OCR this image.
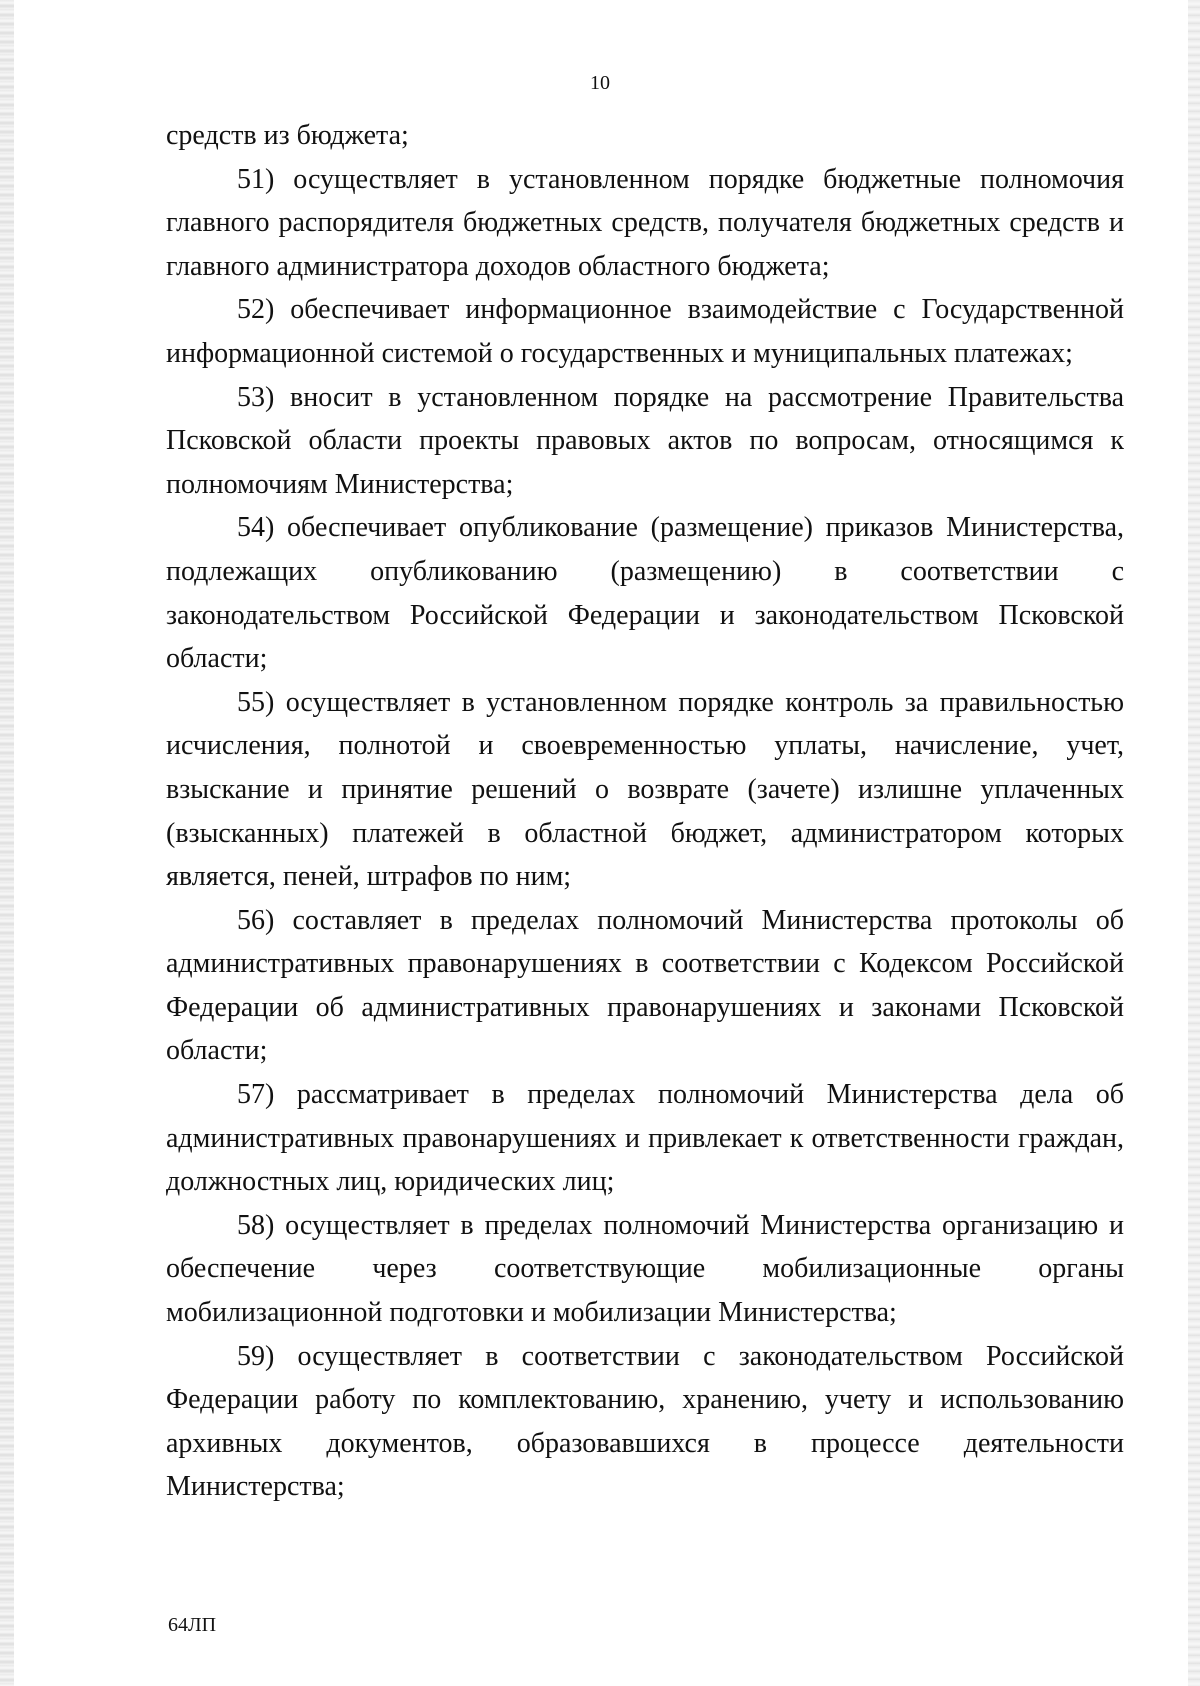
10

средств из бюджета;

51) осуществляет в установленном порядке бюджетные полномочия главного распорядителя бюджетных средств, получателя бюджетных средств и главного администратора доходов областного бюджета;

52) обеспечивает информационное взаимодействие с Государственной информационной системой о государственных и муниципальных платежах;

53) вносит в установленном порядке на рассмотрение Правительства Псковской области проекты правовых актов по вопросам, относящимся к полномочиям Министерства;

54) обеспечивает опубликование (размещение) приказов Министерства, подлежащих опубликованию (размещению) в соответствии с законодательством Российской Федерации и законодательством Псковской области;

55) осуществляет в установленном порядке контроль за правильностью исчисления, полнотой и своевременностью уплаты, начисление, учет, взыскание и принятие решений о возврате (зачете) излишне уплаченных (взысканных) платежей в областной бюджет, администратором которых является, пеней, штрафов по ним;

56) составляет в пределах полномочий Министерства протоколы об административных правонарушениях в соответствии с Кодексом Российской Федерации об административных правонарушениях и законами Псковской области;

57) рассматривает в пределах полномочий Министерства дела об административных правонарушениях и привлекает к ответственности граждан, должностных лиц, юридических лиц;

58) осуществляет в пределах полномочий Министерства организацию и обеспечение через соответствующие мобилизационные органы мобилизационной подготовки и мобилизации Министерства;

59) осуществляет в соответствии с законодательством Российской Федерации работу по комплектованию, хранению, учету и использованию архивных документов, образовавшихся в процессе деятельности Министерства;

64ЛП
